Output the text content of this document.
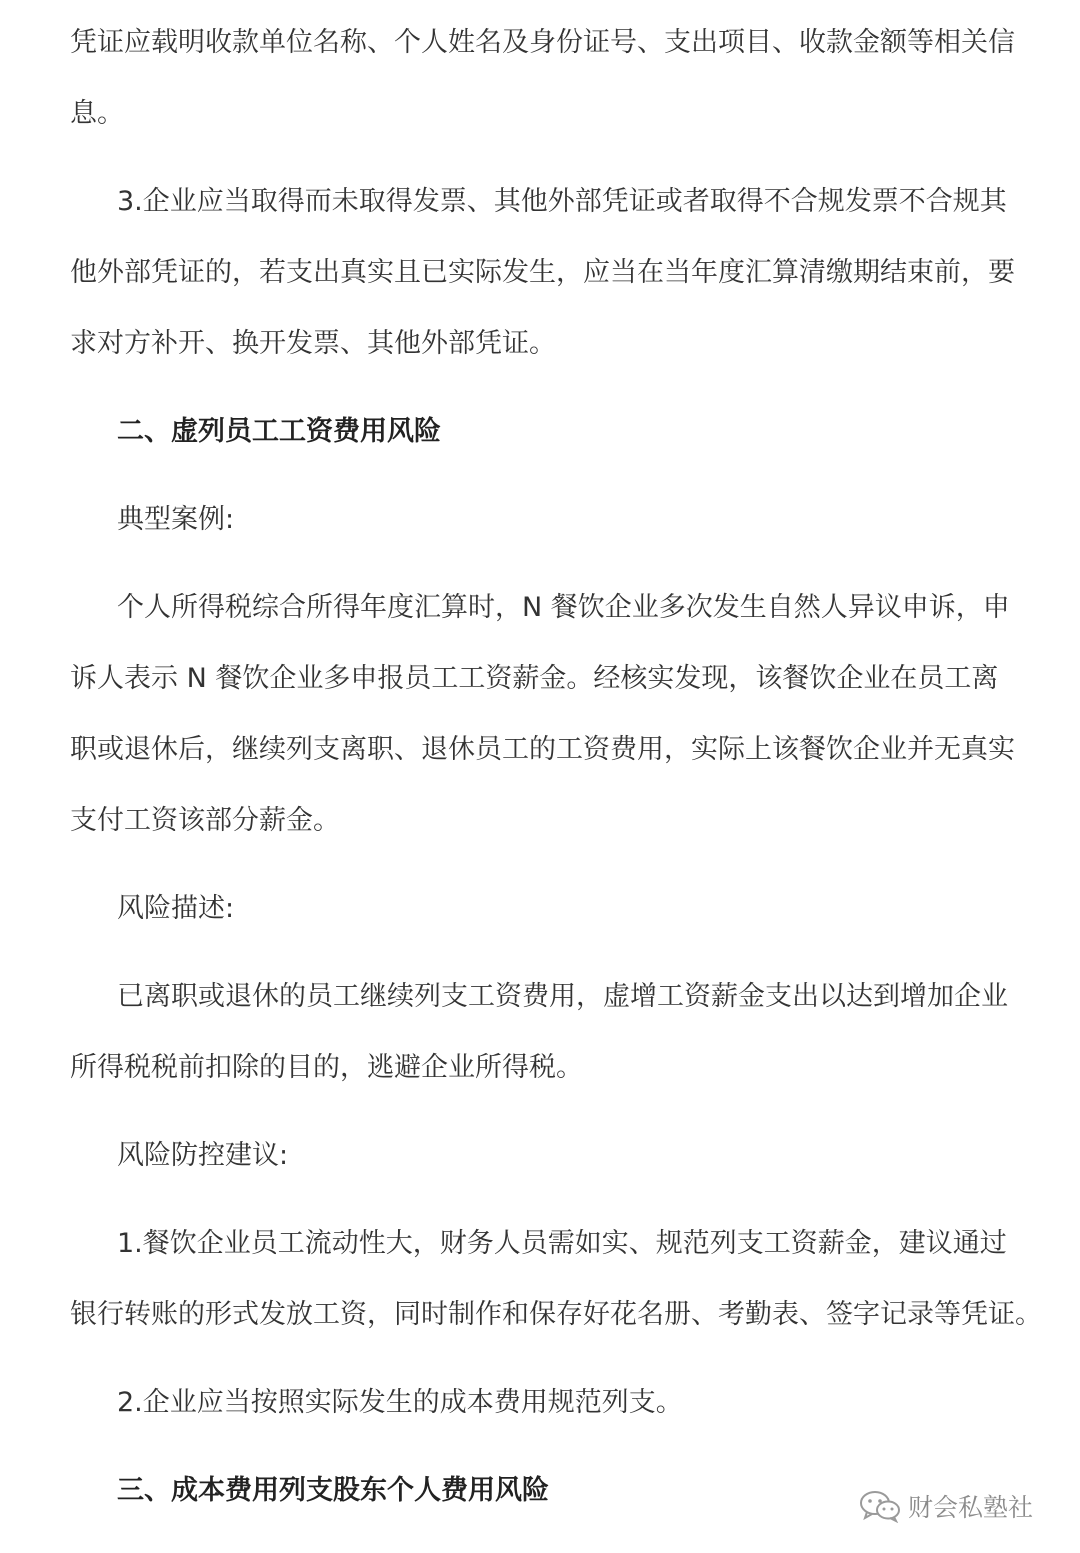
凭证应载明收款单位名称、个人姓名及身份证号、支出项目、收款金额等相关信
息。
3.企业应当取得而未取得发票、其他外部凭证或者取得不合规发票不合规其
他外部凭证的，若支出真实且已实际发生，应当在当年度汇算清缴期结束前，要
求对方补开、换开发票、其他外部凭证。
二、虚列员工工资费用风险
典型案例:
个人所得税综合所得年度汇算时，N 餐饮企业多次发生自然人异议申诉，申
诉人表示 N 餐饮企业多申报员工工资薪金。经核实发现，该餐饮企业在员工离
职或退休后，继续列支离职、退休员工的工资费用，实际上该餐饮企业并无真实
支付工资该部分薪金。
风险描述:
已离职或退休的员工继续列支工资费用，虚增工资薪金支出以达到增加企业
所得税税前扣除的目的，逃避企业所得税。
风险防控建议:
1.餐饮企业员工流动性大，财务人员需如实、规范列支工资薪金，建议通过
银行转账的形式发放工资，同时制作和保存好花名册、考勤表、签字记录等凭证。
2.企业应当按照实际发生的成本费用规范列支。
三、成本费用列支股东个人费用风险
财会私塾社
